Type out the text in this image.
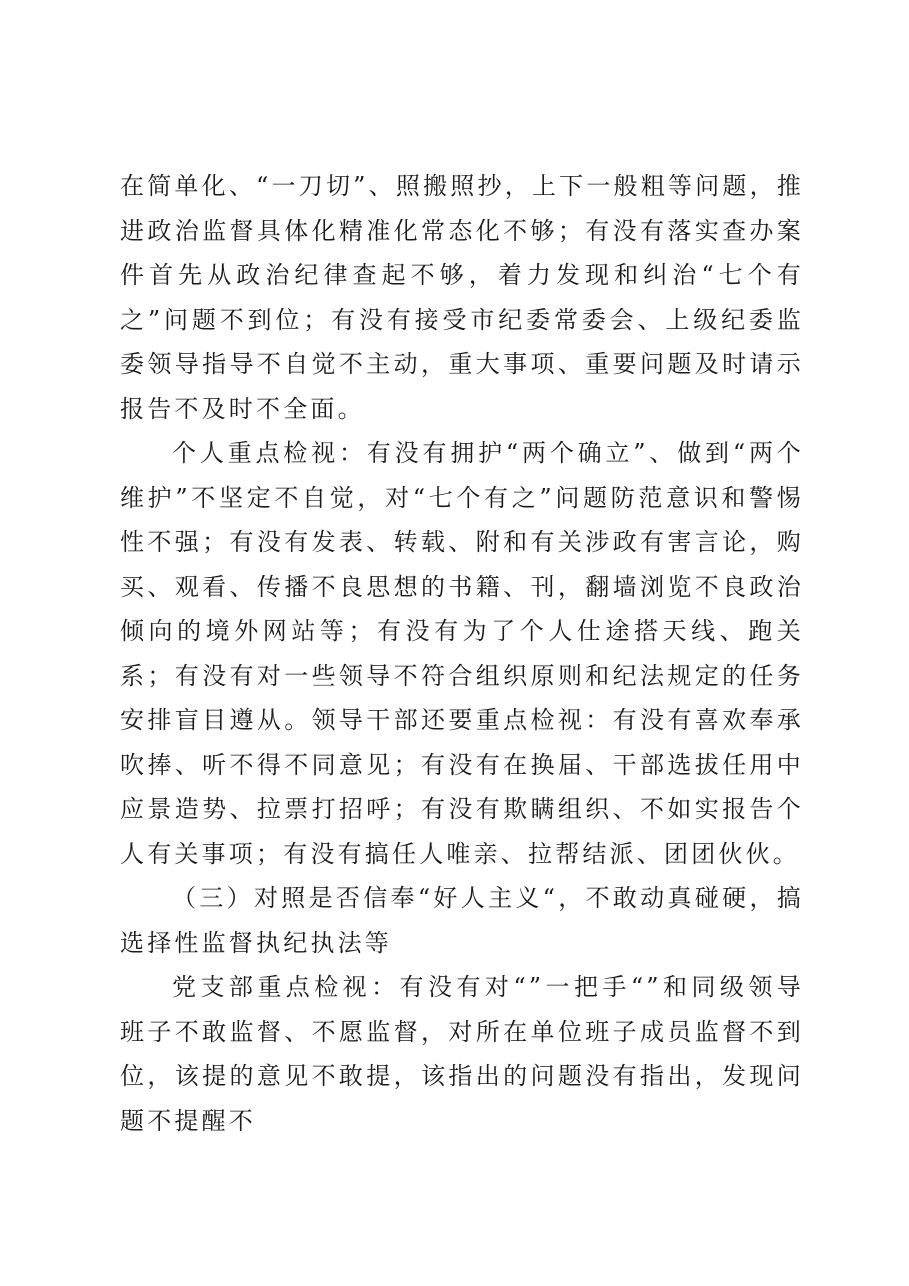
在简单化、“一刀切”、照搬照抄，上下一般粗等问题，推进政治监督具体化精准化常态化不够；有没有落实查办案件首先从政治纪律查起不够，着力发现和纠治“七个有之”问题不到位；有没有接受市纪委常委会、上级纪委监委领导指导不自觉不主动，重大事项、重要问题及时请示报告不及时不全面。

个人重点检视：有没有拥护“两个确立”、做到“两个维护”不坚定不自觉，对“七个有之”问题防范意识和警惕性不强；有没有发表、转载、附和有关涉政有害言论，购买、观看、传播不良思想的书籍、刊，翻墙浏览不良政治倾向的境外网站等；有没有为了个人仕途搭天线、跑关系；有没有对一些领导不符合组织原则和纪法规定的任务安排盲目遵从。领导干部还要重点检视：有没有喜欢奉承吹捧、听不得不同意见；有没有在换届、干部选拔任用中应景造势、拉票打招呼；有没有欺瞒组织、不如实报告个人有关事项；有没有搞任人唯亲、拉帮结派、团团伙伙。

（三）对照是否信奉“好人主义“，不敢动真碰硬，搞选择性监督执纪执法等

党支部重点检视：有没有对“”一把手“”和同级领导班子不敢监督、不愿监督，对所在单位班子成员监督不到位，该提的意见不敢提，该指出的问题没有指出，发现问题不提醒不
